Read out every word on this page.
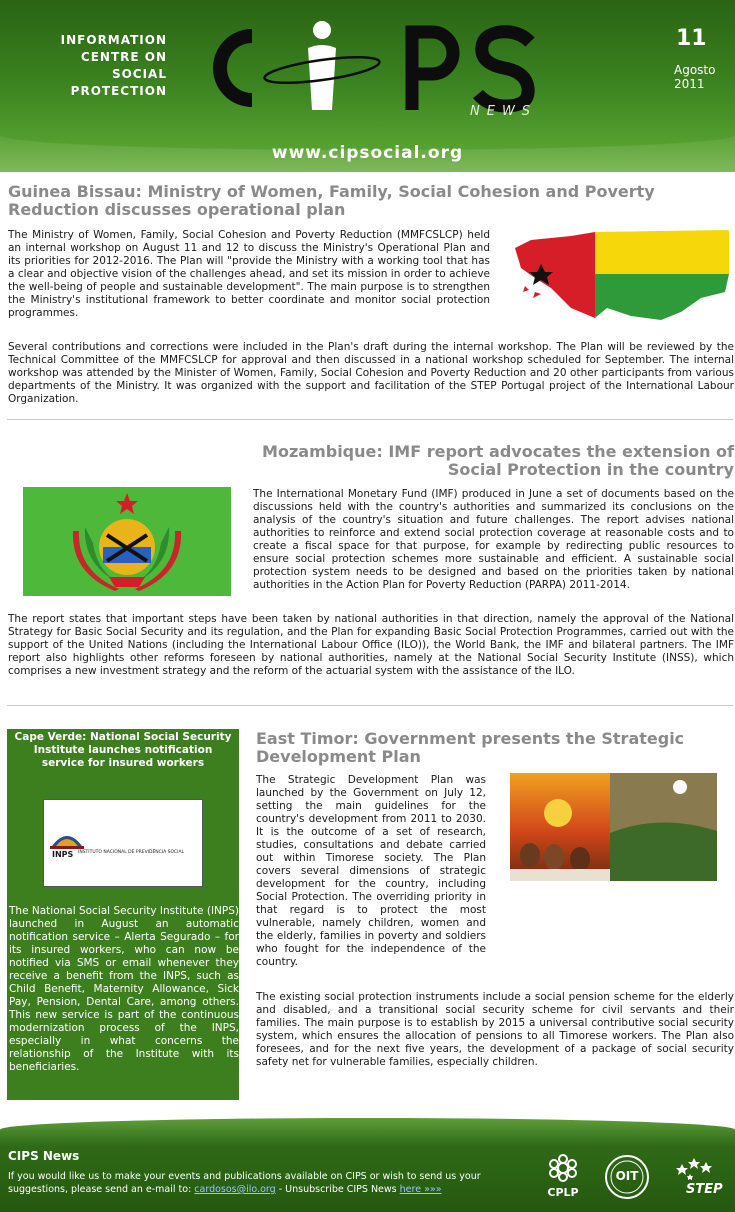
INFORMATION
CENTRE ON
SOCIAL
PROTECTION
NEWS
11
Agosto
2011
www.cipsocial.org
Guinea Bissau: Ministry of Women, Family, Social Cohesion and Poverty Reduction discusses operational plan

The Ministry of Women, Family, Social Cohesion and Poverty Reduction (MMFCSLCP) held an internal workshop on August 11 and 12 to discuss the Ministry's Operational Plan and its priorities for 2012-2016. The Plan will "provide the Ministry with a working tool that has a clear and objective vision of the challenges ahead, and set its mission in order to achieve the well-being of people and sustainable development". The main purpose is to strengthen the Ministry's institutional framework to better coordinate and monitor social protection programmes.

Several contributions and corrections were included in the Plan's draft during the internal workshop. The Plan will be reviewed by the Technical Committee of the MMFCSLCP for approval and then discussed in a national workshop scheduled for September. The internal workshop was attended by the Minister of Women, Family, Social Cohesion and Poverty Reduction and 20 other participants from various departments of the Ministry. It was organized with the support and facilitation of the STEP Portugal project of the International Labour Organization.

Mozambique: IMF report advocates the extension of Social Protection in the country

The International Monetary Fund (IMF) produced in June a set of documents based on the discussions held with the country's authorities and summarized its conclusions on the analysis of the country's situation and future challenges. The report advises national authorities to reinforce and extend social protection coverage at reasonable costs and to create a fiscal space for that purpose, for example by redirecting public resources to ensure social protection schemes more sustainable and efficient. A sustainable social protection system needs to be designed and based on the priorities taken by national authorities in the Action Plan for Poverty Reduction (PARPA) 2011-2014.

The report states that important steps have been taken by national authorities in that direction, namely the approval of the National Strategy for Basic Social Security and its regulation, and the Plan for expanding Basic Social Protection Programmes, carried out with the support of the United Nations (including the International Labour Office (ILO)), the World Bank, the IMF and bilateral partners. The IMF report also highlights other reforms foreseen by national authorities, namely at the National Social Security Institute (INSS), which comprises a new investment strategy and the reform of the actuarial system with the assistance of the ILO.

Cape Verde: National Social Security Institute launches notification service for insured workers
INPS INSTITUTO NACIONAL DE PREVIDÊNCIA SOCIAL

The National Social Security Institute (INPS) launched in August an automatic notification service – Alerta Segurado – for its insured workers, who can now be notified via SMS or email whenever they receive a benefit from the INPS, such as Child Benefit, Maternity Allowance, Sick Pay, Pension, Dental Care, among others. This new service is part of the continuous modernization process of the INPS, especially in what concerns the relationship of the Institute with its beneficiaries.

East Timor: Government presents the Strategic Development Plan

The Strategic Development Plan was launched by the Government on July 12, setting the main guidelines for the country's development from 2011 to 2030. It is the outcome of a set of research, studies, consultations and debate carried out within Timorese society. The Plan covers several dimensions of strategic development for the country, including Social Protection. The overriding priority in that regard is to protect the most vulnerable, namely children, women and the elderly, families in poverty and soldiers who fought for the independence of the country.

The existing social protection instruments include a social pension scheme for the elderly and disabled, and a transitional social security scheme for civil servants and their families. The main purpose is to establish by 2015 a universal contributive social security system, which ensures the allocation of pensions to all Timorese workers. The Plan also foresees, and for the next five years, the development of a package of social security safety net for vulnerable families, especially children.

CIPS News

If you would like us to make your events and publications available on CIPS or wish to send us your suggestions, please send an e-mail to: cardosos@ilo.org - Unsubscribe CIPS News here »»»	CPLP
OIT
STEP
